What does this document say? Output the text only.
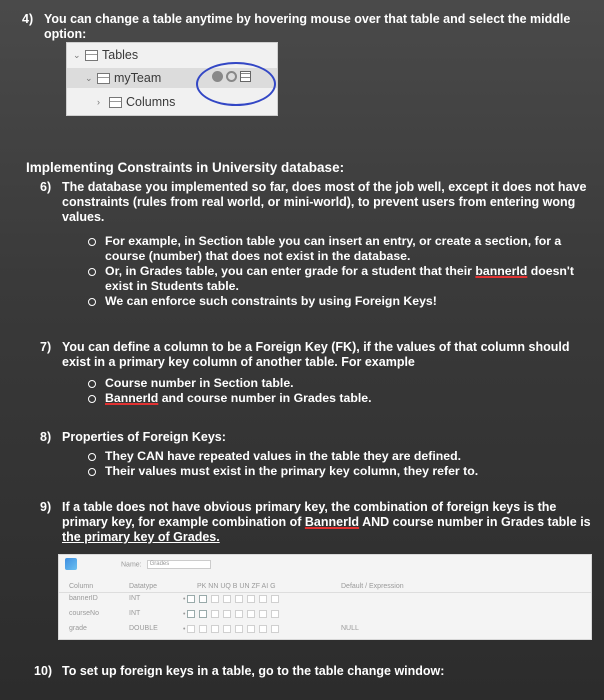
4) You can change a table anytime by hovering mouse over that table and select the middle option:
⌄	Tables
⌄	myTeam
›	Columns
Implementing Constraints in University database:
6) The database you implemented so far, does most of the job well, except it does not have constraints (rules from real world, or mini-world), to prevent users from entering wong values.
For example, in Section table you can insert an entry, or create a section, for a course (number) that does not exist in the database.
Or, in Grades table, you can enter grade for a student that their bannerId doesn't exist in Students table.
We can enforce such constraints by using Foreign Keys!
7) You can define a column to be a Foreign Key (FK), if the values of that column should exist in a primary key column of another table. For example
Course number in Section table.
BannerId and course number in Grades table.
8) Properties of Foreign Keys:
They CAN have repeated values in the table they are defined.
Their values must exist in the primary key column, they refer to.
9) If a table does not have obvious primary key, the combination of foreign keys is the primary key, for example combination of BannerId AND course number in Grades table is the primary key of Grades.
Name: Grades
Column	Datatype	PK NN UQ B UN ZF AI G	Default / Expression
bannerID	INT	•
courseNo	INT	•
grade	DOUBLE	•	NULL
10) To set up foreign keys in a table, go to the table change window:
